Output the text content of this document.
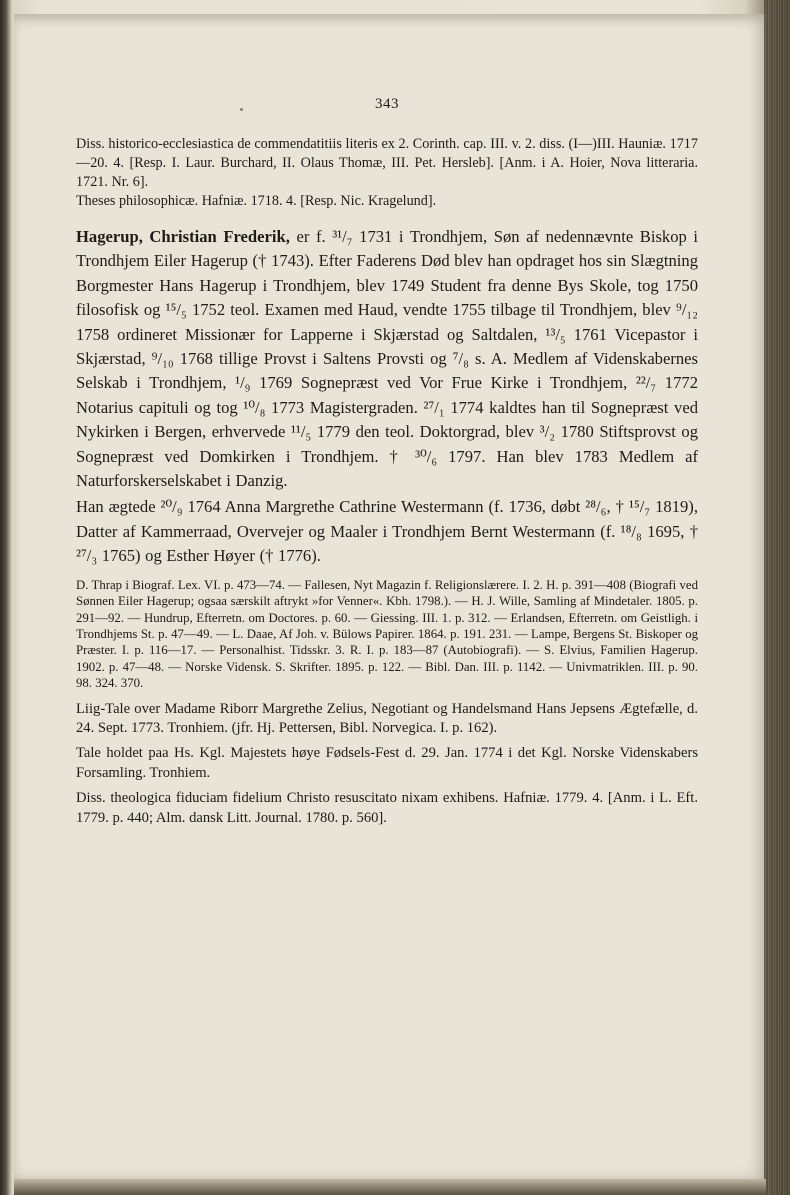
343

Diss. historico-ecclesiastica de commendatitiis literis ex 2. Corinth. cap. III. v. 2. diss. (I—)III. Hauniæ. 1717—20. 4. [Resp. I. Laur. Burchard, II. Olaus Thomæ, III. Pet. Hersleb]. [Anm. i A. Hoier, Nova litteraria. 1721. Nr. 6].

Theses philosophicæ. Hafniæ. 1718. 4. [Resp. Nic. Kragelund].

Hagerup, Christian Frederik, er f. ³¹/₇ 1731 i Trondhjem, Søn af nedennævnte Biskop i Trondhjem Eiler Hagerup († 1743). Efter Faderens Død blev han opdraget hos sin Slægtning Borgmester Hans Hagerup i Trondhjem, blev 1749 Student fra denne Bys Skole, tog 1750 filosofisk og ¹⁵/₅ 1752 teol. Examen med Haud, vendte 1755 tilbage til Trondhjem, blev ⁹/₁₂ 1758 ordineret Missionær for Lapperne i Skjærstad og Saltdalen, ¹³/₅ 1761 Vicepastor i Skjærstad, ⁹/₁₀ 1768 tillige Provst i Saltens Provsti og ⁷/₈ s. A. Medlem af Videnskabernes Selskab i Trondhjem, ¹/₉ 1769 Sognepræst ved Vor Frue Kirke i Trondhjem, ²²/₇ 1772 Notarius capituli og tog ¹⁰/₈ 1773 Magistergraden. ²⁷/₁ 1774 kaldtes han til Sognepræst ved Nykirken i Bergen, erhvervede ¹¹/₅ 1779 den teol. Doktorgrad, blev ³/₂ 1780 Stiftsprovst og Sognepræst ved Domkirken i Trondhjem. † ³⁰/₆ 1797. Han blev 1783 Medlem af Naturforskerselskabet i Danzig.

Han ægtede ²⁰/₉ 1764 Anna Margrethe Cathrine Westermann (f. 1736, døbt ²⁸/₆, † ¹⁵/₇ 1819), Datter af Kammerraad, Overvejer og Maaler i Trondhjem Bernt Westermann (f. ¹⁸/₈ 1695, † ²⁷/₃ 1765) og Esther Høyer († 1776).

D. Thrap i Biograf. Lex. VI. p. 473—74. — Fallesen, Nyt Magazin f. Religionslærere. I. 2. H. p. 391—408 (Biografi ved Sønnen Eiler Hagerup; ogsaa særskilt aftrykt »for Venner«. Kbh. 1798.). — H. J. Wille, Samling af Mindetaler. 1805. p. 291—92. — Hundrup, Efterretn. om Doctores. p. 60. — Giessing. III. 1. p. 312. — Erlandsen, Efterretn. om Geistligh. i Trondhjems St. p. 47—49. — L. Daae, Af Joh. v. Bülows Papirer. 1864. p. 191. 231. — Lampe, Bergens St. Biskoper og Præster. I. p. 116—17. — Personalhist. Tidsskr. 3. R. I. p. 183—87 (Autobiografi). — S. Elvius, Familien Hagerup. 1902. p. 47—48. — Norske Vidensk. S. Skrifter. 1895. p. 122. — Bibl. Dan. III. p. 1142. — Univmatriklen. III. p. 90. 98. 324. 370.

Liig-Tale over Madame Riborr Margrethe Zelius, Negotiant og Handelsmand Hans Jepsens Ægtefælle, d. 24. Sept. 1773. Tronhiem. (jfr. Hj. Pettersen, Bibl. Norvegica. I. p. 162).

Tale holdet paa Hs. Kgl. Majestets høye Fødsels-Fest d. 29. Jan. 1774 i det Kgl. Norske Videnskabers Forsamling. Tronhiem.

Diss. theologica fiduciam fidelium Christo resuscitato nixam exhibens. Hafniæ. 1779. 4. [Anm. i L. Eft. 1779. p. 440; Alm. dansk Litt. Journal. 1780. p. 560].
